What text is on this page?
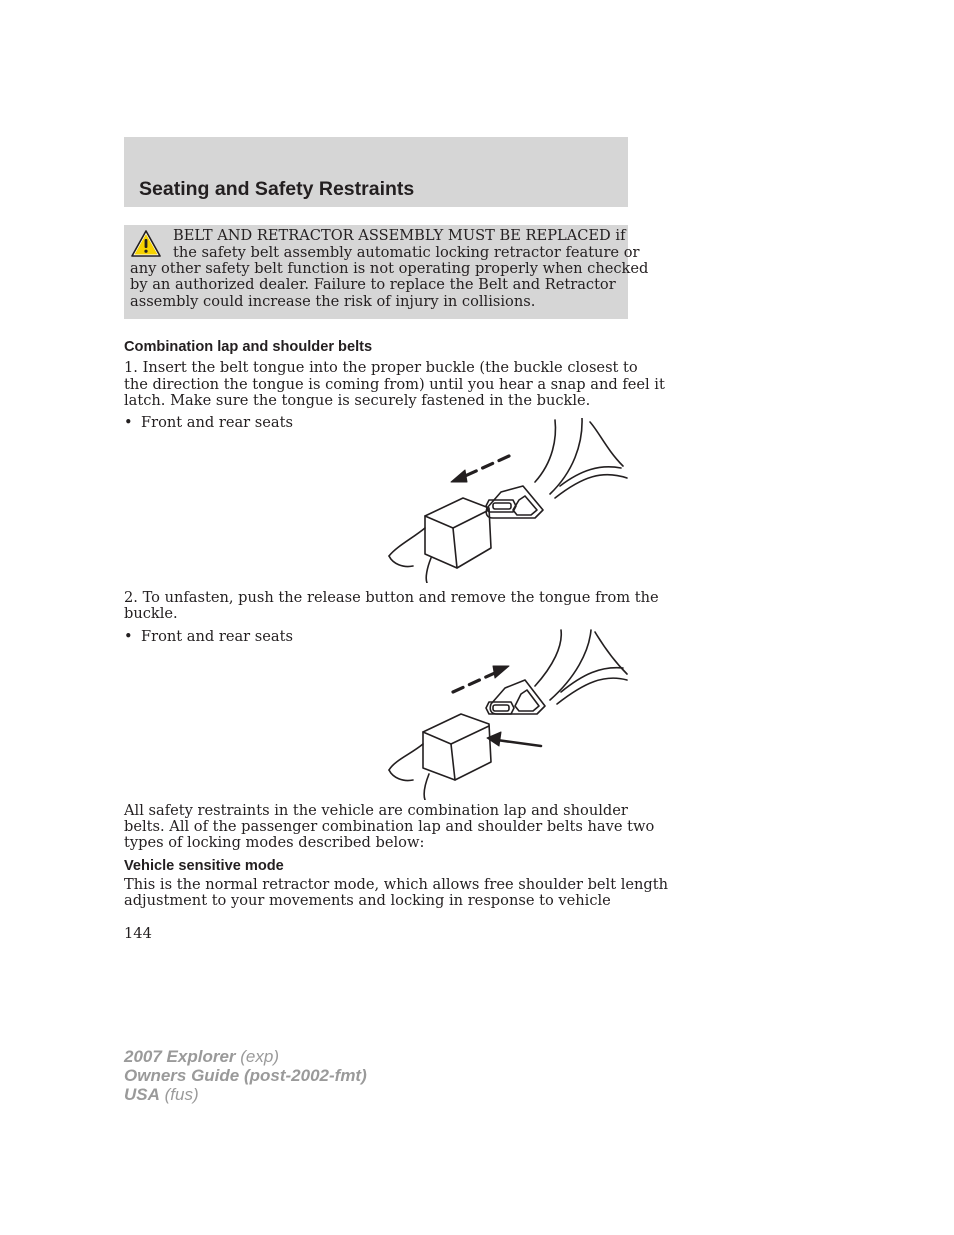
Seating and Safety Restraints
BELT AND RETRACTOR ASSEMBLY MUST BE REPLACED if
the safety belt assembly automatic locking retractor feature or
any other safety belt function is not operating properly when checked
by an authorized dealer. Failure to replace the Belt and Retractor
assembly could increase the risk of injury in collisions.
Combination lap and shoulder belts
1. Insert the belt tongue into the proper buckle (the buckle closest to
the direction the tongue is coming from) until you hear a snap and feel it
latch. Make sure the tongue is securely fastened in the buckle.
• Front and rear seats
2. To unfasten, push the release button and remove the tongue from the
buckle.
• Front and rear seats
All safety restraints in the vehicle are combination lap and shoulder
belts. All of the passenger combination lap and shoulder belts have two
types of locking modes described below:
Vehicle sensitive mode
This is the normal retractor mode, which allows free shoulder belt length
adjustment to your movements and locking in response to vehicle
144
2007 Explorer (exp)
Owners Guide (post-2002-fmt)
USA (fus)
